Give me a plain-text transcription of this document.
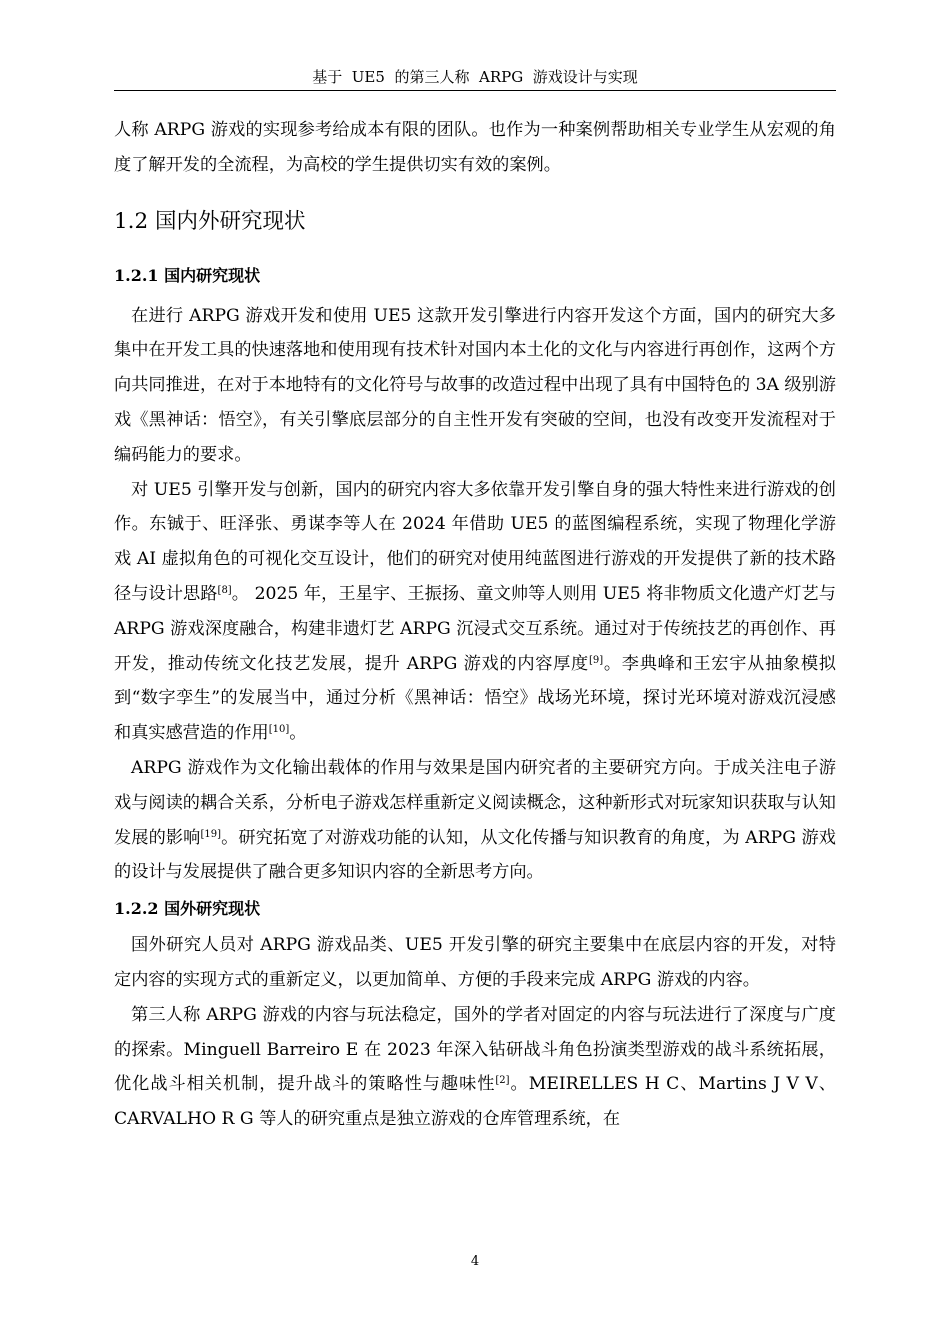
基于  UE5  的第三人称  ARPG  游戏设计与实现

人称 ARPG 游戏的实现参考给成本有限的团队。也作为一种案例帮助相关专业学生从宏观的角度了解开发的全流程，为高校的学生提供切实有效的案例。

1.2 国内外研究现状
1.2.1 国内研究现状

在进行 ARPG 游戏开发和使用 UE5 这款开发引擎进行内容开发这个方面，国内的研究大多集中在开发工具的快速落地和使用现有技术针对国内本土化的文化与内容进行再创作，这两个方向共同推进，在对于本地特有的文化符号与故事的改造过程中出现了具有中国特色的 3A 级别游戏《黑神话：悟空》，有关引擎底层部分的自主性开发有突破的空间，也没有改变开发流程对于编码能力的要求。

对 UE5 引擎开发与创新，国内的研究内容大多依靠开发引擎自身的强大特性来进行游戏的创作。东铖于、旺泽张、勇谋李等人在 2024 年借助 UE5 的蓝图编程系统，实现了物理化学游戏 AI 虚拟角色的可视化交互设计，他们的研究对使用纯蓝图进行游戏的开发提供了新的技术路径与设计思路[8]。 2025 年，王星宇、王振扬、童文帅等人则用 UE5 将非物质文化遗产灯艺与 ARPG 游戏深度融合，构建非遗灯艺 ARPG 沉浸式交互系统。通过对于传统技艺的再创作、再开发，推动传统文化技艺发展，提升 ARPG 游戏的内容厚度[9]。李典峰和王宏宇从抽象模拟到“数字孪生”的发展当中，通过分析《黑神话：悟空》战场光环境，探讨光环境对游戏沉浸感和真实感营造的作用[10]。

ARPG 游戏作为文化输出载体的作用与效果是国内研究者的主要研究方向。于成关注电子游戏与阅读的耦合关系，分析电子游戏怎样重新定义阅读概念，这种新形式对玩家知识获取与认知发展的影响[19]。研究拓宽了对游戏功能的认知，从文化传播与知识教育的角度，为 ARPG 游戏的设计与发展提供了融合更多知识内容的全新思考方向。

1.2.2 国外研究现状

国外研究人员对 ARPG 游戏品类、UE5 开发引擎的研究主要集中在底层内容的开发，对特定内容的实现方式的重新定义，以更加简单、方便的手段来完成 ARPG 游戏的内容。

第三人称 ARPG 游戏的内容与玩法稳定，国外的学者对固定的内容与玩法进行了深度与广度的探索。Minguell Barreiro E 在 2023 年深入钻研战斗角色扮演类型游戏的战斗系统拓展，优化战斗相关机制，提升战斗的策略性与趣味性[2]。MEIRELLES H C、Martins J V V、CARVALHO R G 等人的研究重点是独立游戏的仓库管理系统，在

4
